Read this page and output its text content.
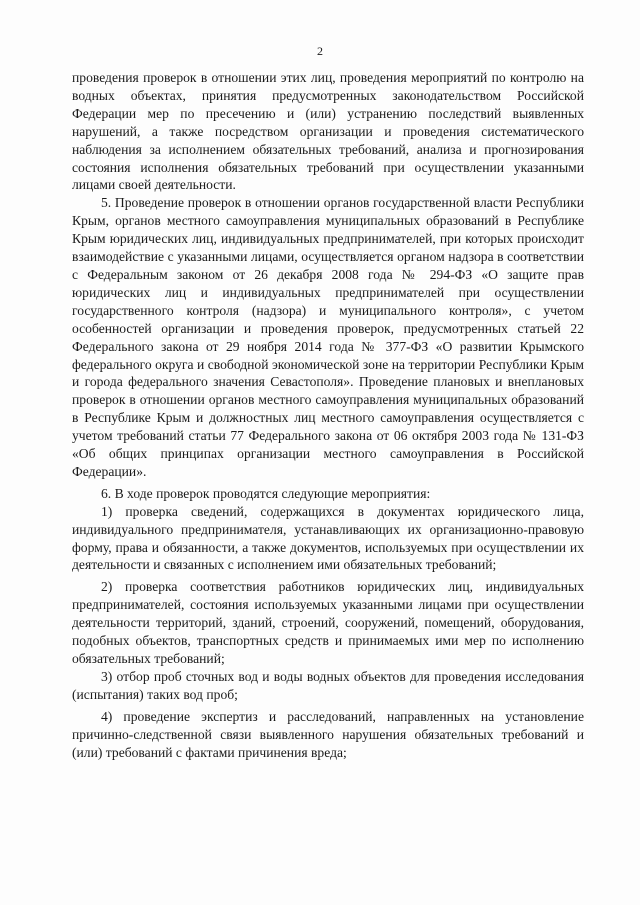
2

проведения проверок в отношении этих лиц, проведения мероприятий по контролю на водных объектах, принятия предусмотренных законодательством Российской Федерации мер по пресечению и (или) устранению последствий выявленных нарушений, а также посредством организации и проведения систематического наблюдения за исполнением обязательных требований, анализа и прогнозирования состояния исполнения обязательных требований при осуществлении указанными лицами своей деятельности.

5. Проведение проверок в отношении органов государственной власти Республики Крым, органов местного самоуправления муниципальных образований в Республике Крым юридических лиц, индивидуальных предпринимателей, при которых происходит взаимодействие с указанными лицами, осуществляется органом надзора в соответствии с Федеральным законом от 26 декабря 2008 года № 294-ФЗ «О защите прав юридических лиц и индивидуальных предпринимателей при осуществлении государственного контроля (надзора) и муниципального контроля», с учетом особенностей организации и проведения проверок, предусмотренных статьей 22 Федерального закона от 29 ноября 2014 года № 377-ФЗ «О развитии Крымского федерального округа и свободной экономической зоне на территории Республики Крым и города федерального значения Севастополя». Проведение плановых и внеплановых проверок в отношении органов местного самоуправления муниципальных образований в Республике Крым и должностных лиц местного самоуправления осуществляется с учетом требований статьи 77 Федерального закона от 06 октября 2003 года № 131-ФЗ «Об общих принципах организации местного самоуправления в Российской Федерации».

6. В ходе проверок проводятся следующие мероприятия:

1) проверка сведений, содержащихся в документах юридического лица, индивидуального предпринимателя, устанавливающих их организационно-правовую форму, права и обязанности, а также документов, используемых при осуществлении их деятельности и связанных с исполнением ими обязательных требований;

2) проверка соответствия работников юридических лиц, индивидуальных предпринимателей, состояния используемых указанными лицами при осуществлении деятельности территорий, зданий, строений, сооружений, помещений, оборудования, подобных объектов, транспортных средств и принимаемых ими мер по исполнению обязательных требований;

3) отбор проб сточных вод и воды водных объектов для проведения исследования (испытания) таких вод проб;

4) проведение экспертиз и расследований, направленных на установление причинно-следственной связи выявленного нарушения обязательных требований и (или) требований с фактами причинения вреда;
